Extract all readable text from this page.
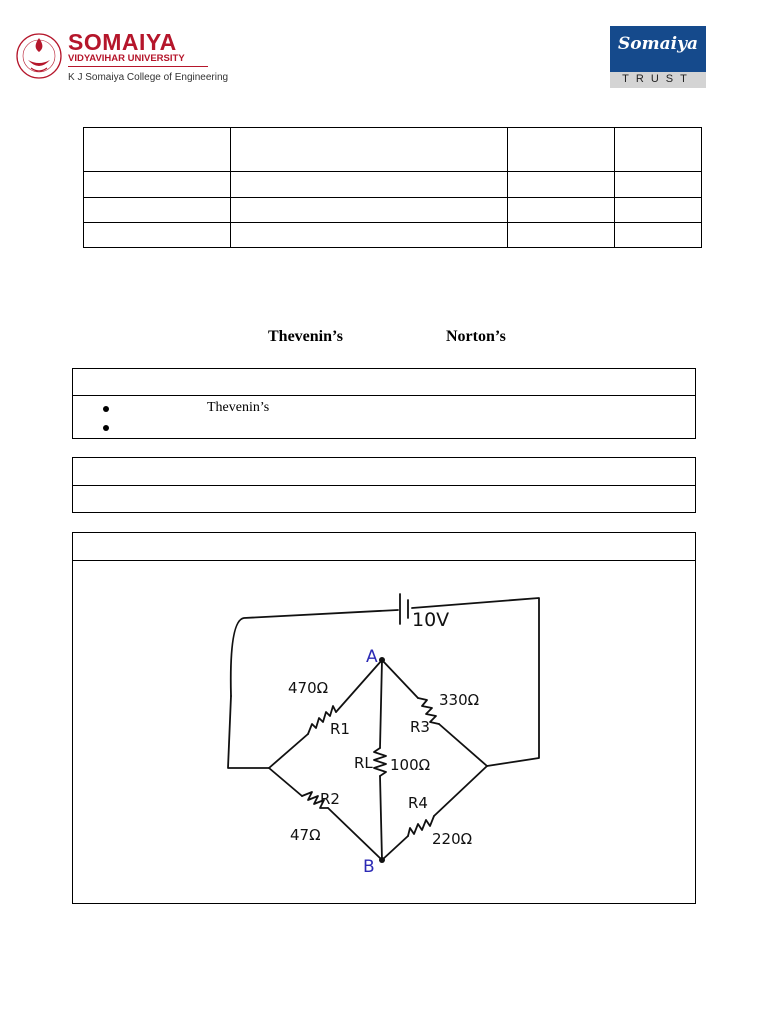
SOMAIYA
VIDYAVIHAR UNIVERSITY
K J Somaiya College of Engineering
Somaiya
TRUST

Thevenin’s	Norton’s
Thevenin’s
10V
470Ω
R1
330Ω
R3
RL 100Ω
R2
47Ω
R4
220Ω
A
B
